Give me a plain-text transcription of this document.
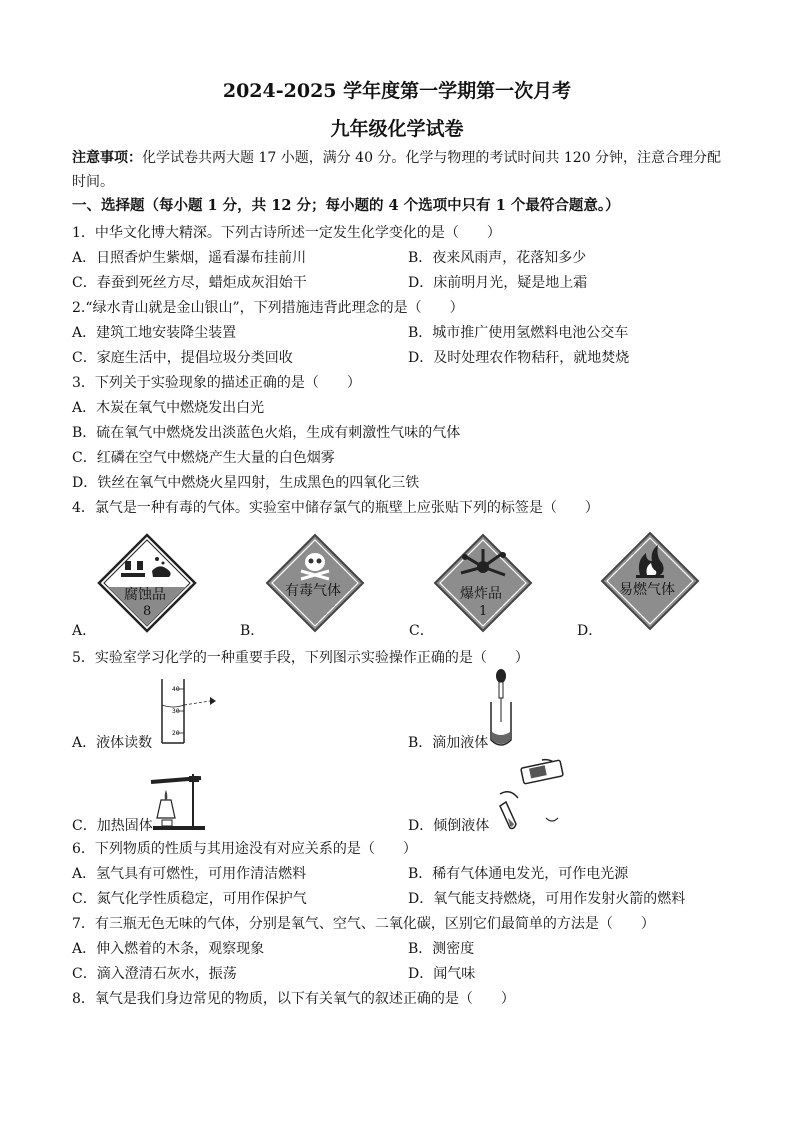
2024-2025 学年度第一学期第一次月考
九年级化学试卷
注意事项：化学试卷共两大题 17 小题，满分 40 分。化学与物理的考试时间共 120 分钟，注意合理分配时间。
一、选择题（每小题 1 分，共 12 分；每小题的 4 个选项中只有 1 个最符合题意。）
1．中华文化博大精深。下列古诗所述一定发生化学变化的是（　　）
A．日照香炉生紫烟，遥看瀑布挂前川	B．夜来风雨声，花落知多少
C．春蚕到死丝方尽，蜡炬成灰泪始干	D．床前明月光，疑是地上霜
2.“绿水青山就是金山银山”，下列措施违背此理念的是（　　）
A．建筑工地安装降尘装置	B．城市推广使用氢燃料电池公交车
C．家庭生活中，提倡垃圾分类回收	D．及时处理农作物秸秆，就地焚烧
3．下列关于实验现象的描述正确的是（　　）
A．木炭在氧气中燃烧发出白光
B．硫在氧气中燃烧发出淡蓝色火焰，生成有刺激性气味的气体
C．红磷在空气中燃烧产生大量的白色烟雾
D．铁丝在氧气中燃烧火星四射，生成黑色的四氧化三铁
4．氯气是一种有毒的气体。实验室中储存氯气的瓶壁上应张贴下列的标签是（　　）
腐蚀品
8
A．
有毒气体
B．
爆炸品
1
C．
易燃气体
D．
5．实验室学习化学的一种重要手段，下列图示实验操作正确的是（　　）
40
30
20
A．液体读数	B．滴加液体
C．加热固体	D．倾倒液体
6．下列物质的性质与其用途没有对应关系的是（　　）
A．氢气具有可燃性，可用作清洁燃料	B．稀有气体通电发光，可作电光源
C．氮气化学性质稳定，可用作保护气	D．氧气能支持燃烧，可用作发射火箭的燃料
7．有三瓶无色无味的气体，分别是氧气、空气、二氧化碳，区别它们最简单的方法是（　　）
A．伸入燃着的木条，观察现象	B．测密度
C．滴入澄清石灰水，振荡	D．闻气味
8．氧气是我们身边常见的物质，以下有关氧气的叙述正确的是（　　）
